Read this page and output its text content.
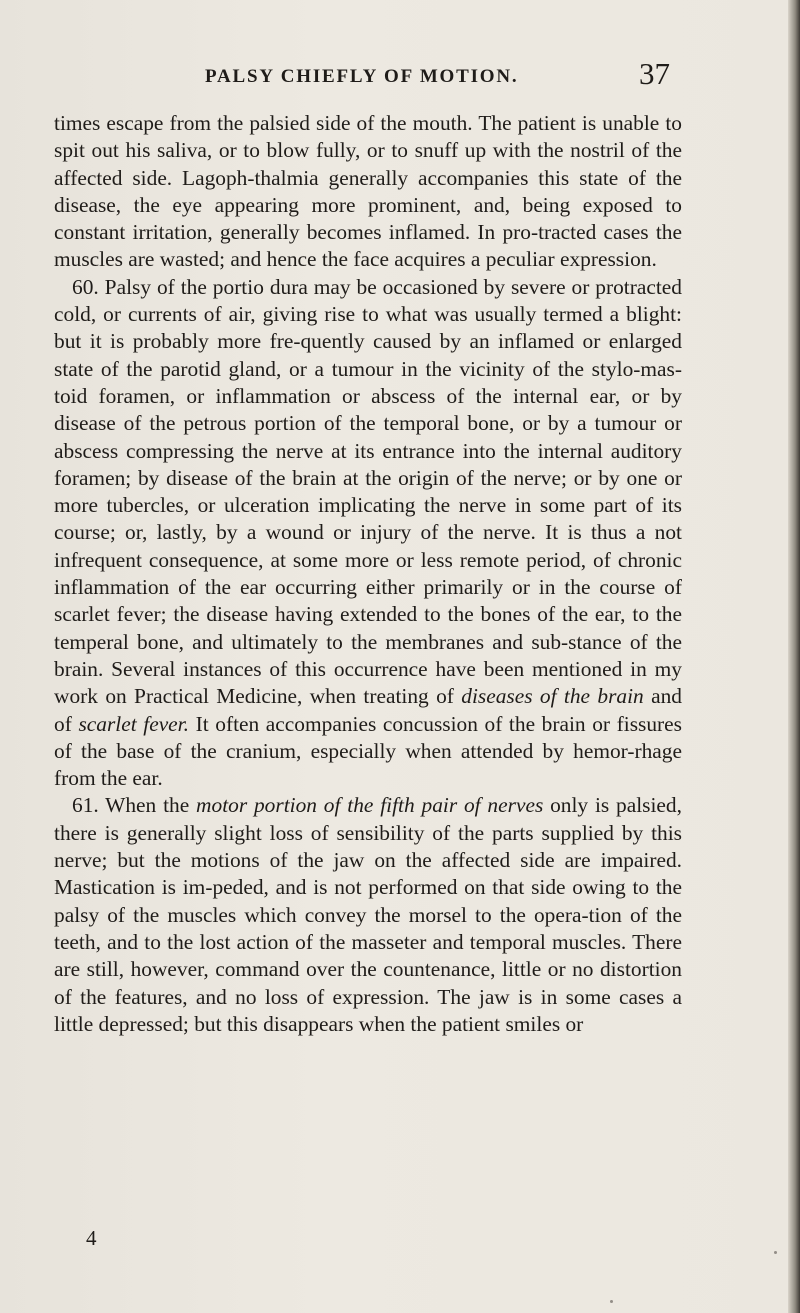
PALSY CHIEFLY OF MOTION.	37

times escape from the palsied side of the mouth. The patient is unable to spit out his saliva, or to blow fully, or to snuff up with the nostril of the affected side. Lagoph-thalmia generally accompanies this state of the disease, the eye appearing more prominent, and, being exposed to constant irritation, generally becomes inflamed. In pro-tracted cases the muscles are wasted; and hence the face acquires a peculiar expression.

60. Palsy of the portio dura may be occasioned by severe or protracted cold, or currents of air, giving rise to what was usually termed a blight: but it is probably more fre-quently caused by an inflamed or enlarged state of the parotid gland, or a tumour in the vicinity of the stylo-mas-toid foramen, or inflammation or abscess of the internal ear, or by disease of the petrous portion of the temporal bone, or by a tumour or abscess compressing the nerve at its entrance into the internal auditory foramen; by disease of the brain at the origin of the nerve; or by one or more tubercles, or ulceration implicating the nerve in some part of its course; or, lastly, by a wound or injury of the nerve. It is thus a not infrequent consequence, at some more or less remote period, of chronic inflammation of the ear occurring either primarily or in the course of scarlet fever; the disease having extended to the bones of the ear, to the temperal bone, and ultimately to the membranes and sub-stance of the brain. Several instances of this occurrence have been mentioned in my work on Practical Medicine, when treating of diseases of the brain and of scarlet fever. It often accompanies concussion of the brain or fissures of the base of the cranium, especially when attended by hemor-rhage from the ear.

61. When the motor portion of the fifth pair of nerves only is palsied, there is generally slight loss of sensibility of the parts supplied by this nerve; but the motions of the jaw on the affected side are impaired. Mastication is im-peded, and is not performed on that side owing to the palsy of the muscles which convey the morsel to the opera-tion of the teeth, and to the lost action of the masseter and temporal muscles. There are still, however, command over the countenance, little or no distortion of the features, and no loss of expression. The jaw is in some cases a little depressed; but this disappears when the patient smiles or

4
